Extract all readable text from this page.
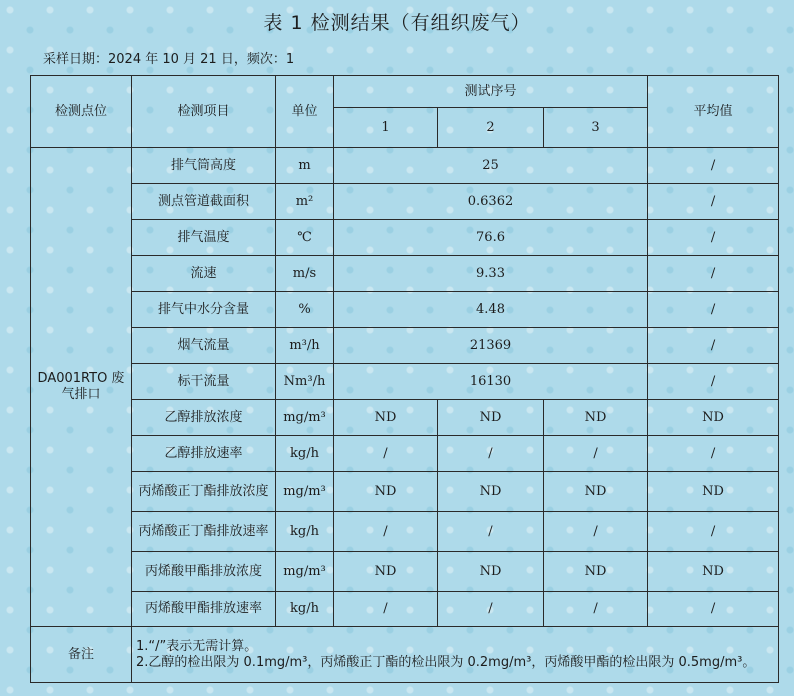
表 1 检测结果（有组织废气）
采样日期：2024 年 10 月 21 日，频次：1
检测点位	检测项目	单位	测试序号			平均值
			1	2	3	
DA001RTO 废气排口	排气筒高度	m	25			/
	测点管道截面积	m²	0.6362			/
	排气温度	℃	76.6			/
	流速	m/s	9.33			/
	排气中水分含量	%	4.48			/
	烟气流量	m³/h	21369			/
	标干流量	Nm³/h	16130			/
	乙醇排放浓度	mg/m³	ND	ND	ND	ND
	乙醇排放速率	kg/h	/	/	/	/
	丙烯酸正丁酯排放浓度	mg/m³	ND	ND	ND	ND
	丙烯酸正丁酯排放速率	kg/h	/	/	/	/
	丙烯酸甲酯排放浓度	mg/m³	ND	ND	ND	ND
	丙烯酸甲酯排放速率	kg/h	/	/	/	/
备注	1.“/”表示无需计算。
2.乙醇的检出限为 0.1mg/m³，丙烯酸正丁酯的检出限为 0.2mg/m³，丙烯酸甲酯的检出限为 0.5mg/m³。					
